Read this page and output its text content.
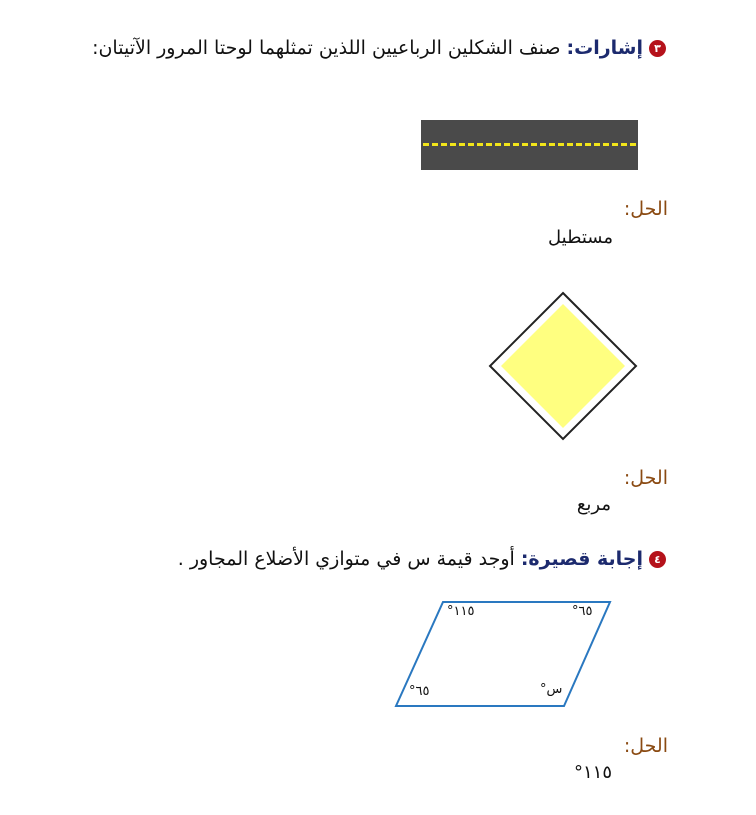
٣إشارات: صنف الشكلين الرباعيين اللذين تمثلهما لوحتا المرور الآتيتان:
الحل:
مستطيل
الحل:
مربع
٤إجابة قصيرة: أوجد قيمة س في متوازي الأضلاع المجاور .
١١٥°	٦٥°
٦٥°	س°
الحل:
١١٥°
